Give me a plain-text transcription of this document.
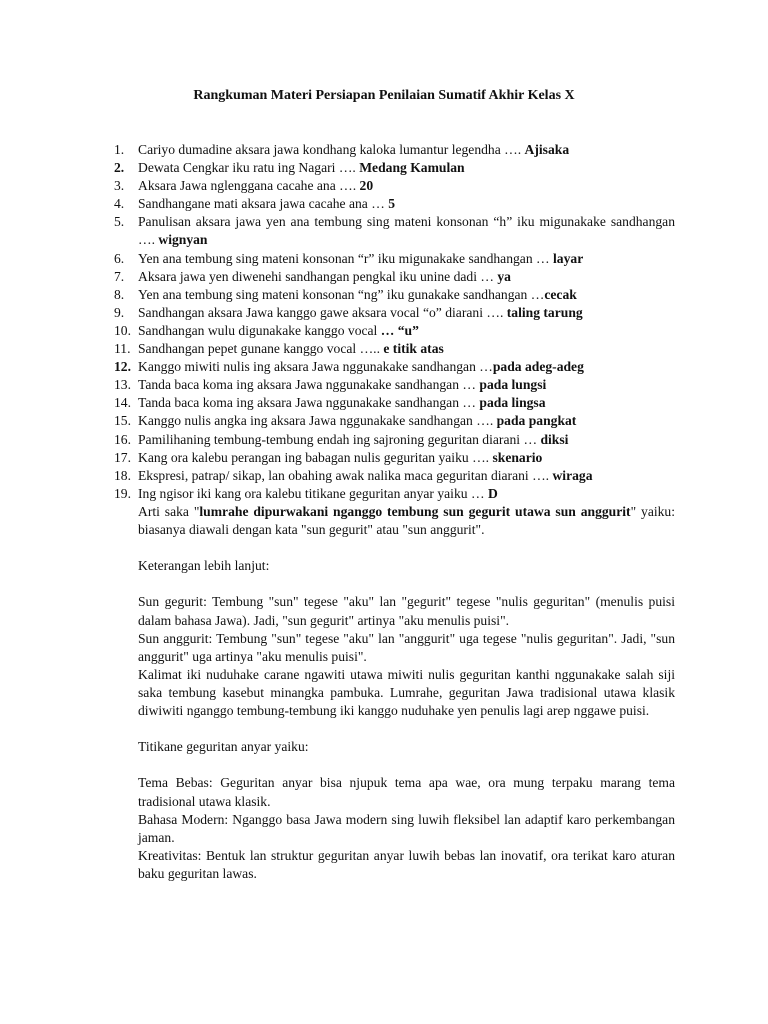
Rangkuman Materi Persiapan Penilaian Sumatif Akhir Kelas X
1. Cariyo dumadine aksara jawa kondhang kaloka lumantur legendha …. Ajisaka
2. Dewata Cengkar iku ratu ing Nagari …. Medang Kamulan
3. Aksara Jawa nglenggana cacahe ana …. 20
4. Sandhangane mati aksara jawa cacahe ana … 5
5. Panulisan aksara jawa yen ana tembung sing mateni konsonan “h” iku migunakake sandhangan …. wignyan
6. Yen ana tembung sing mateni konsonan “r” iku migunakake sandhangan … layar
7. Aksara jawa yen diwenehi sandhangan pengkal iku unine dadi … ya
8. Yen ana tembung sing mateni konsonan “ng” iku gunakake sandhangan …cecak
9. Sandhangan aksara Jawa kanggo gawe aksara vocal “o” diarani …. taling tarung
10. Sandhangan wulu digunakake kanggo vocal … “u”
11. Sandhangan pepet gunane kanggo vocal ….. e titik atas
12. Kanggo miwiti nulis ing aksara Jawa nggunakake sandhangan …pada adeg-adeg
13. Tanda baca koma ing aksara Jawa nggunakake sandhangan … pada lungsi
14. Tanda baca koma ing aksara Jawa nggunakake sandhangan … pada lingsa
15. Kanggo nulis angka ing aksara Jawa nggunakake sandhangan …. pada pangkat
16. Pamilihaning tembung-tembung endah ing sajroning geguritan diarani … diksi
17. Kang ora kalebu perangan ing babagan nulis geguritan yaiku …. skenario
18. Ekspresi, patrap/ sikap, lan obahing awak nalika maca geguritan diarani …. wiraga
19. Ing ngisor iki kang ora kalebu titikane geguritan anyar yaiku … D

Arti saka "lumrahe dipurwakani nganggo tembung sun gegurit utawa sun anggurit" yaiku: biasanya diawali dengan kata "sun gegurit" atau "sun anggurit".

Keterangan lebih lanjut:

Sun gegurit: Tembung "sun" tegese "aku" lan "gegurit" tegese "nulis geguritan" (menulis puisi dalam bahasa Jawa). Jadi, "sun gegurit" artinya "aku menulis puisi".

Sun anggurit: Tembung "sun" tegese "aku" lan "anggurit" uga tegese "nulis geguritan". Jadi, "sun anggurit" uga artinya "aku menulis puisi".

Kalimat iki nuduhake carane ngawiti utawa miwiti nulis geguritan kanthi nggunakake salah siji saka tembung kasebut minangka pambuka. Lumrahe, geguritan Jawa tradisional utawa klasik diwiwiti nganggo tembung-tembung iki kanggo nuduhake yen penulis lagi arep nggawe puisi.

Titikane geguritan anyar yaiku:

Tema Bebas: Geguritan anyar bisa njupuk tema apa wae, ora mung terpaku marang tema tradisional utawa klasik.

Bahasa Modern: Nganggo basa Jawa modern sing luwih fleksibel lan adaptif karo perkembangan jaman.

Kreativitas: Bentuk lan struktur geguritan anyar luwih bebas lan inovatif, ora terikat karo aturan baku geguritan lawas.
